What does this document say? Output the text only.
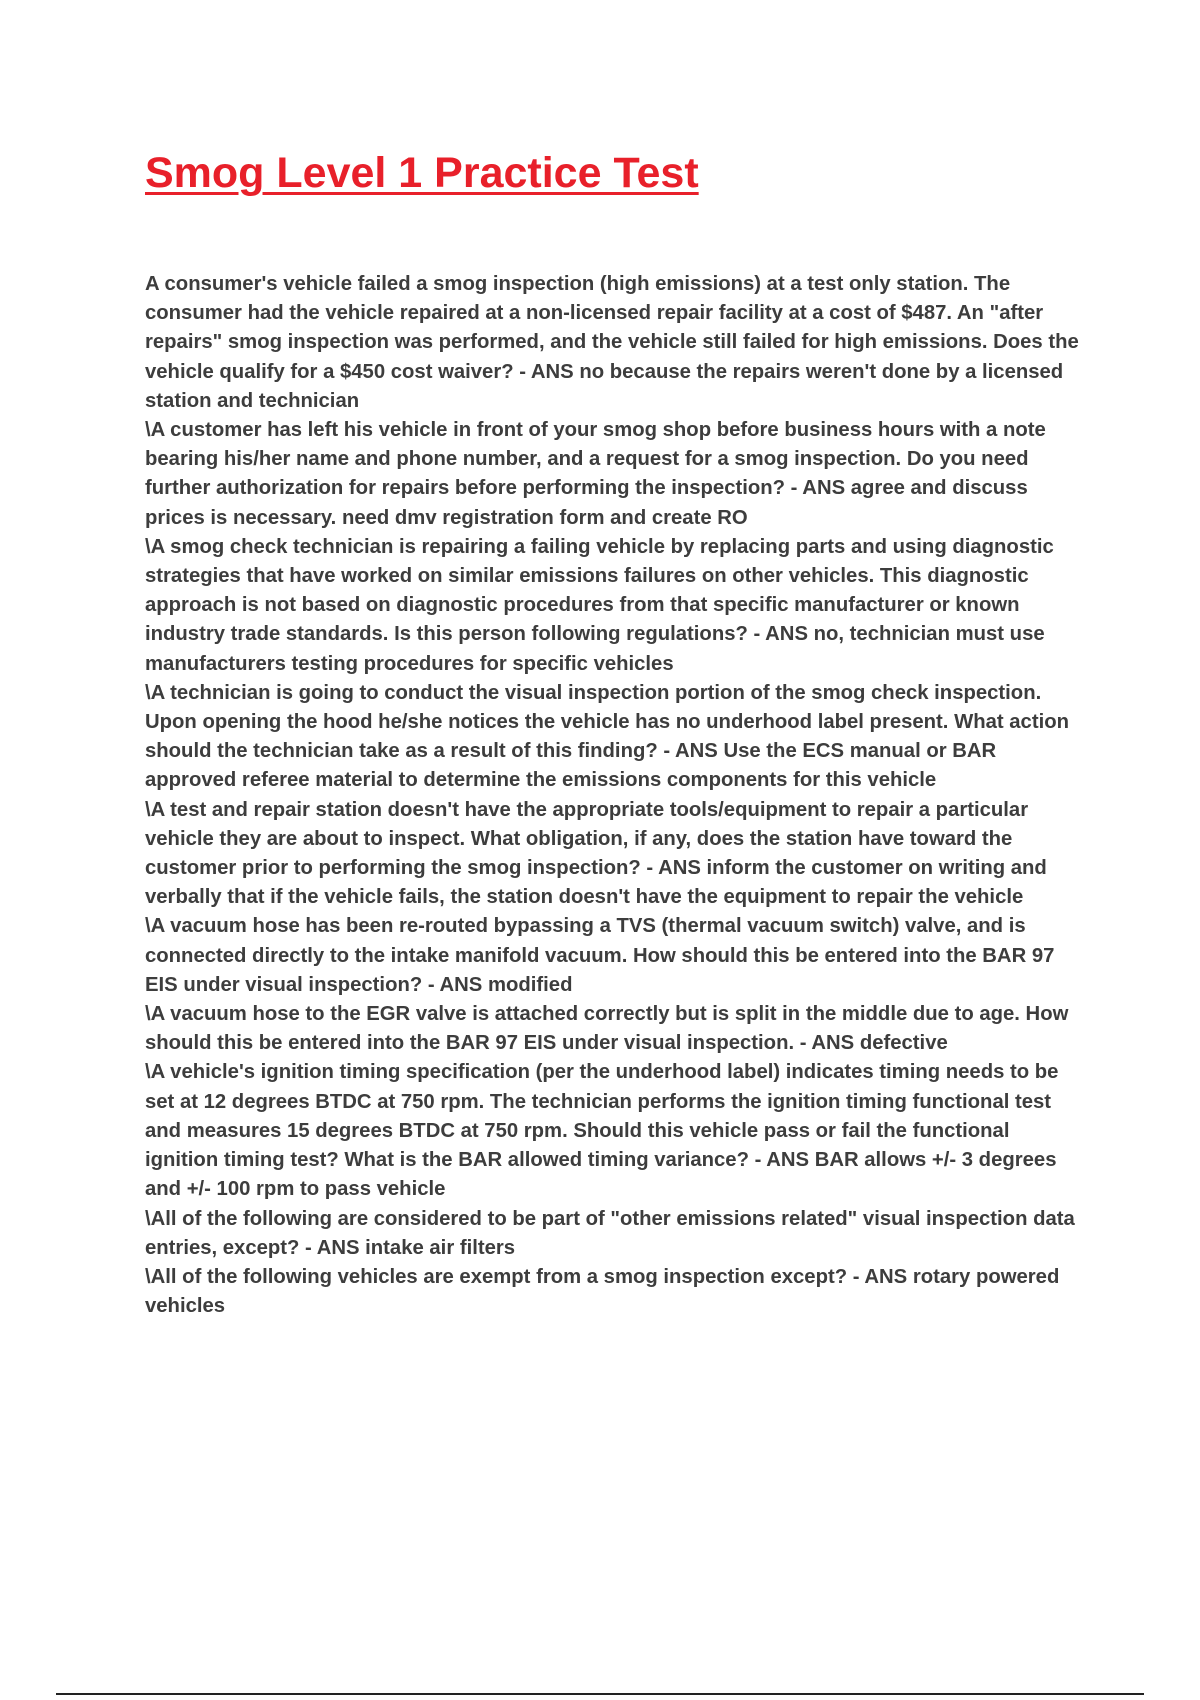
Smog Level 1 Practice Test

A consumer's vehicle failed a smog inspection (high emissions) at a test only station. The consumer had the vehicle repaired at a non-licensed repair facility at a cost of $487. An "after repairs" smog inspection was performed, and the vehicle still failed for high emissions. Does the vehicle qualify for a $450 cost waiver? - ANS no because the repairs weren't done by a licensed station and technician

\A customer has left his vehicle in front of your smog shop before business hours with a note bearing his/her name and phone number, and a request for a smog inspection. Do you need further authorization for repairs before performing the inspection? - ANS agree and discuss prices is necessary. need dmv registration form and create RO

\A smog check technician is repairing a failing vehicle by replacing parts and using diagnostic strategies that have worked on similar emissions failures on other vehicles. This diagnostic approach is not based on diagnostic procedures from that specific manufacturer or known industry trade standards. Is this person following regulations? - ANS no, technician must use manufacturers testing procedures for specific vehicles

\A technician is going to conduct the visual inspection portion of the smog check inspection. Upon opening the hood he/she notices the vehicle has no underhood label present. What action should the technician take as a result of this finding? - ANS Use the ECS manual or BAR approved referee material to determine the emissions components for this vehicle

\A test and repair station doesn't have the appropriate tools/equipment to repair a particular vehicle they are about to inspect. What obligation, if any, does the station have toward the customer prior to performing the smog inspection? - ANS inform the customer on writing and verbally that if the vehicle fails, the station doesn't have the equipment to repair the vehicle

\A vacuum hose has been re-routed bypassing a TVS (thermal vacuum switch) valve, and is connected directly to the intake manifold vacuum. How should this be entered into the BAR 97 EIS under visual inspection? - ANS modified

\A vacuum hose to the EGR valve is attached correctly but is split in the middle due to age. How should this be entered into the BAR 97 EIS under visual inspection. - ANS defective

\A vehicle's ignition timing specification (per the underhood label) indicates timing needs to be set at 12 degrees BTDC at 750 rpm. The technician performs the ignition timing functional test and measures 15 degrees BTDC at 750 rpm. Should this vehicle pass or fail the functional ignition timing test? What is the BAR allowed timing variance? - ANS BAR allows +/- 3 degrees and +/- 100 rpm to pass vehicle

\All of the following are considered to be part of "other emissions related" visual inspection data entries, except? - ANS intake air filters

\All of the following vehicles are exempt from a smog inspection except? - ANS rotary powered vehicles
